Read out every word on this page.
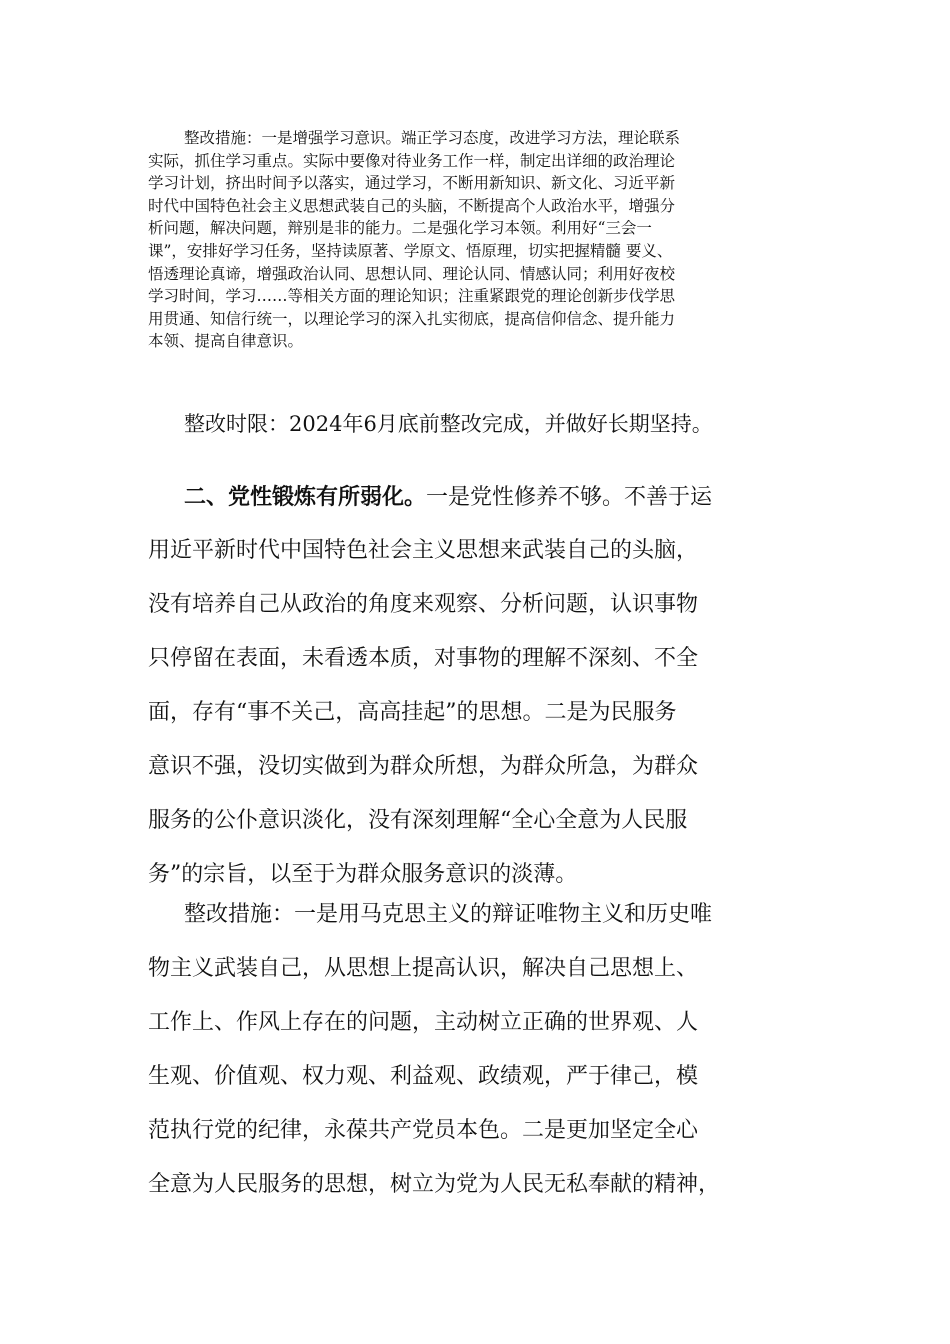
整改措施：一是增强学习意识。端正学习态度，改进学习方法，理论联系
实际，抓住学习重点。实际中要像对待业务工作一样，制定出详细的政治理论
学习计划，挤出时间予以落实，通过学习，不断用新知识、新文化、习近平新
时代中国特色社会主义思想武装自己的头脑，不断提高个人政治水平，增强分
析问题，解决问题，辩别是非的能力。二是强化学习本领。利用好“三会一
课”，安排好学习任务，坚持读原著、学原文、悟原理，切实把握精髓 要义、
悟透理论真谛，增强政治认同、思想认同、理论认同、情感认同；利用好夜校
学习时间，学习……等相关方面的理论知识；注重紧跟党的理论创新步伐学思
用贯通、知信行统一，以理论学习的深入扎实彻底，提高信仰信念、提升能力
本领、提高自律意识。

整改时限：2024年6月底前整改完成，并做好长期坚持。

二、党性锻炼有所弱化。一是党性修养不够。不善于运
用近平新时代中国特色社会主义思想来武装自己的头脑，
没有培养自己从政治的角度来观察、分析问题，认识事物
只停留在表面，未看透本质，对事物的理解不深刻、不全
面，存有“事不关己，高高挂起”的思想。二是为民服务
意识不强，没切实做到为群众所想，为群众所急，为群众
服务的公仆意识淡化，没有深刻理解“全心全意为人民服
务”的宗旨，以至于为群众服务意识的淡薄。
整改措施：一是用马克思主义的辩证唯物主义和历史唯
物主义武装自己，从思想上提高认识，解决自己思想上、
工作上、作风上存在的问题，主动树立正确的世界观、人
生观、价值观、权力观、利益观、政绩观，严于律己，模
范执行党的纪律，永葆共产党员本色。二是更加坚定全心
全意为人民服务的思想，树立为党为人民无私奉献的精神，
